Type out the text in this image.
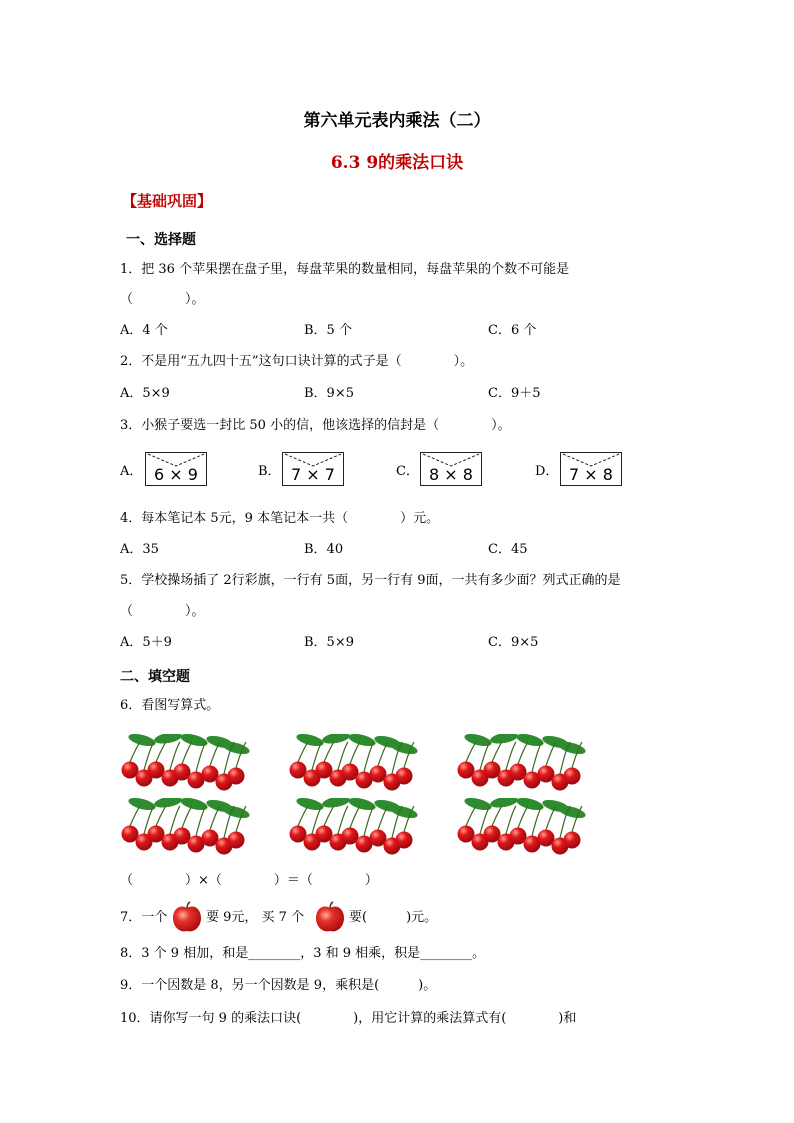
第六单元表内乘法（二）
6.3 9的乘法口诀
【基础巩固】
一、选择题
1．把 36 个苹果摆在盘子里，每盘苹果的数量相同，每盘苹果的个数不可能是
（　　　　）。
A．4 个	B．5 个	C．6 个
2．不是用“五九四十五”这句口诀计算的式子是（　　　　）。
A．5×9	B．9×5	C．9＋5
3．小猴子要选一封比 50 小的信，他该选择的信封是（　　　　）。
A． 6 × 9	B． 7 × 7	C． 8 × 8	D． 7 × 8
4．每本笔记本 5元，9 本笔记本一共（　　　　）元。
A．35	B．40	C．45
5．学校操场插了 2行彩旗，一行有 5面，另一行有 9面，一共有多少面？列式正确的是
（　　　　）。
A．5＋9	B．5×9	C．9×5
二、填空题
6．看图写算式。
（　　　　）×（　　　　）＝（　　　　）
7．一个	要 9元， 买 7 个	要(　　　)元。
8．3 个 9 相加，和是________，3 和 9 相乘，积是________。
9．一个因数是 8，另一个因数是 9，乘积是(　　　)。
10．请你写一句 9 的乘法口诀(　　　　)，用它计算的乘法算式有(　　　　)和
